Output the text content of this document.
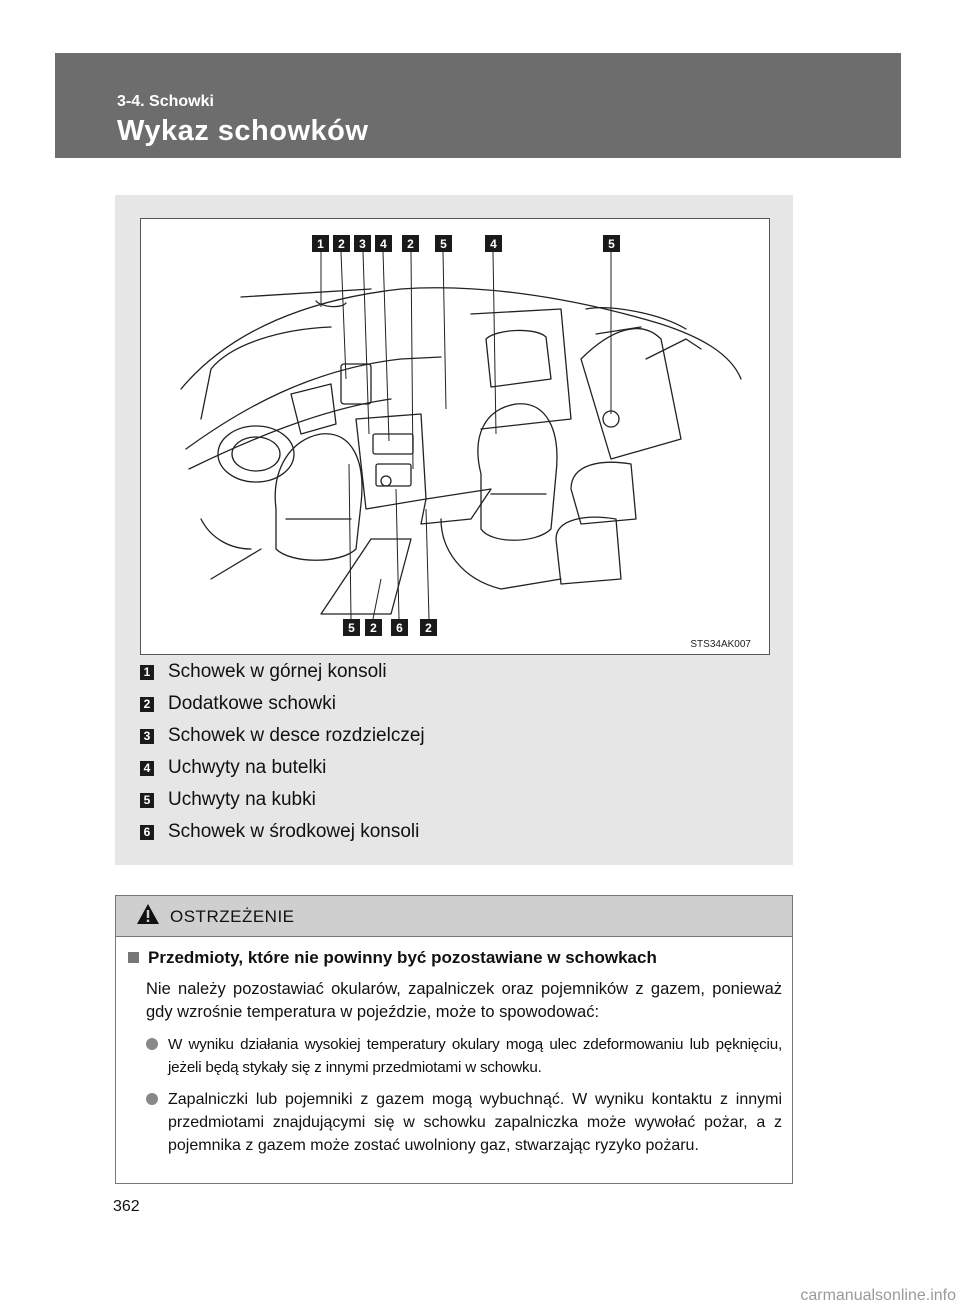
3-4. Schowki
Wykaz schowków
1 2 3 4 2 5	4	5
5 2 6 2
STS34AK007
1 Schowek w górnej konsoli
2 Dodatkowe schowki
3 Schowek w desce rozdzielczej
4 Uchwyty na butelki
5 Uchwyty na kubki
6 Schowek w środkowej konsoli
OSTRZEŻENIE
Przedmioty, które nie powinny być pozostawiane w schowkach
Nie należy pozostawiać okularów, zapalniczek oraz pojemników z gazem, ponieważ gdy wzrośnie temperatura w pojeździe, może to spowodować:
W wyniku działania wysokiej temperatury okulary mogą ulec zdeformowaniu lub pęknięciu, jeżeli będą stykały się z innymi przedmiotami w schowku.
Zapalniczki lub pojemniki z gazem mogą wybuchnąć. W wyniku kontaktu z innymi przedmiotami znajdującymi się w schowku zapalniczka może wywołać pożar, a z pojemnika z gazem może zostać uwolniony gaz, stwarzając ryzyko pożaru.
362
carmanualsonline.info
